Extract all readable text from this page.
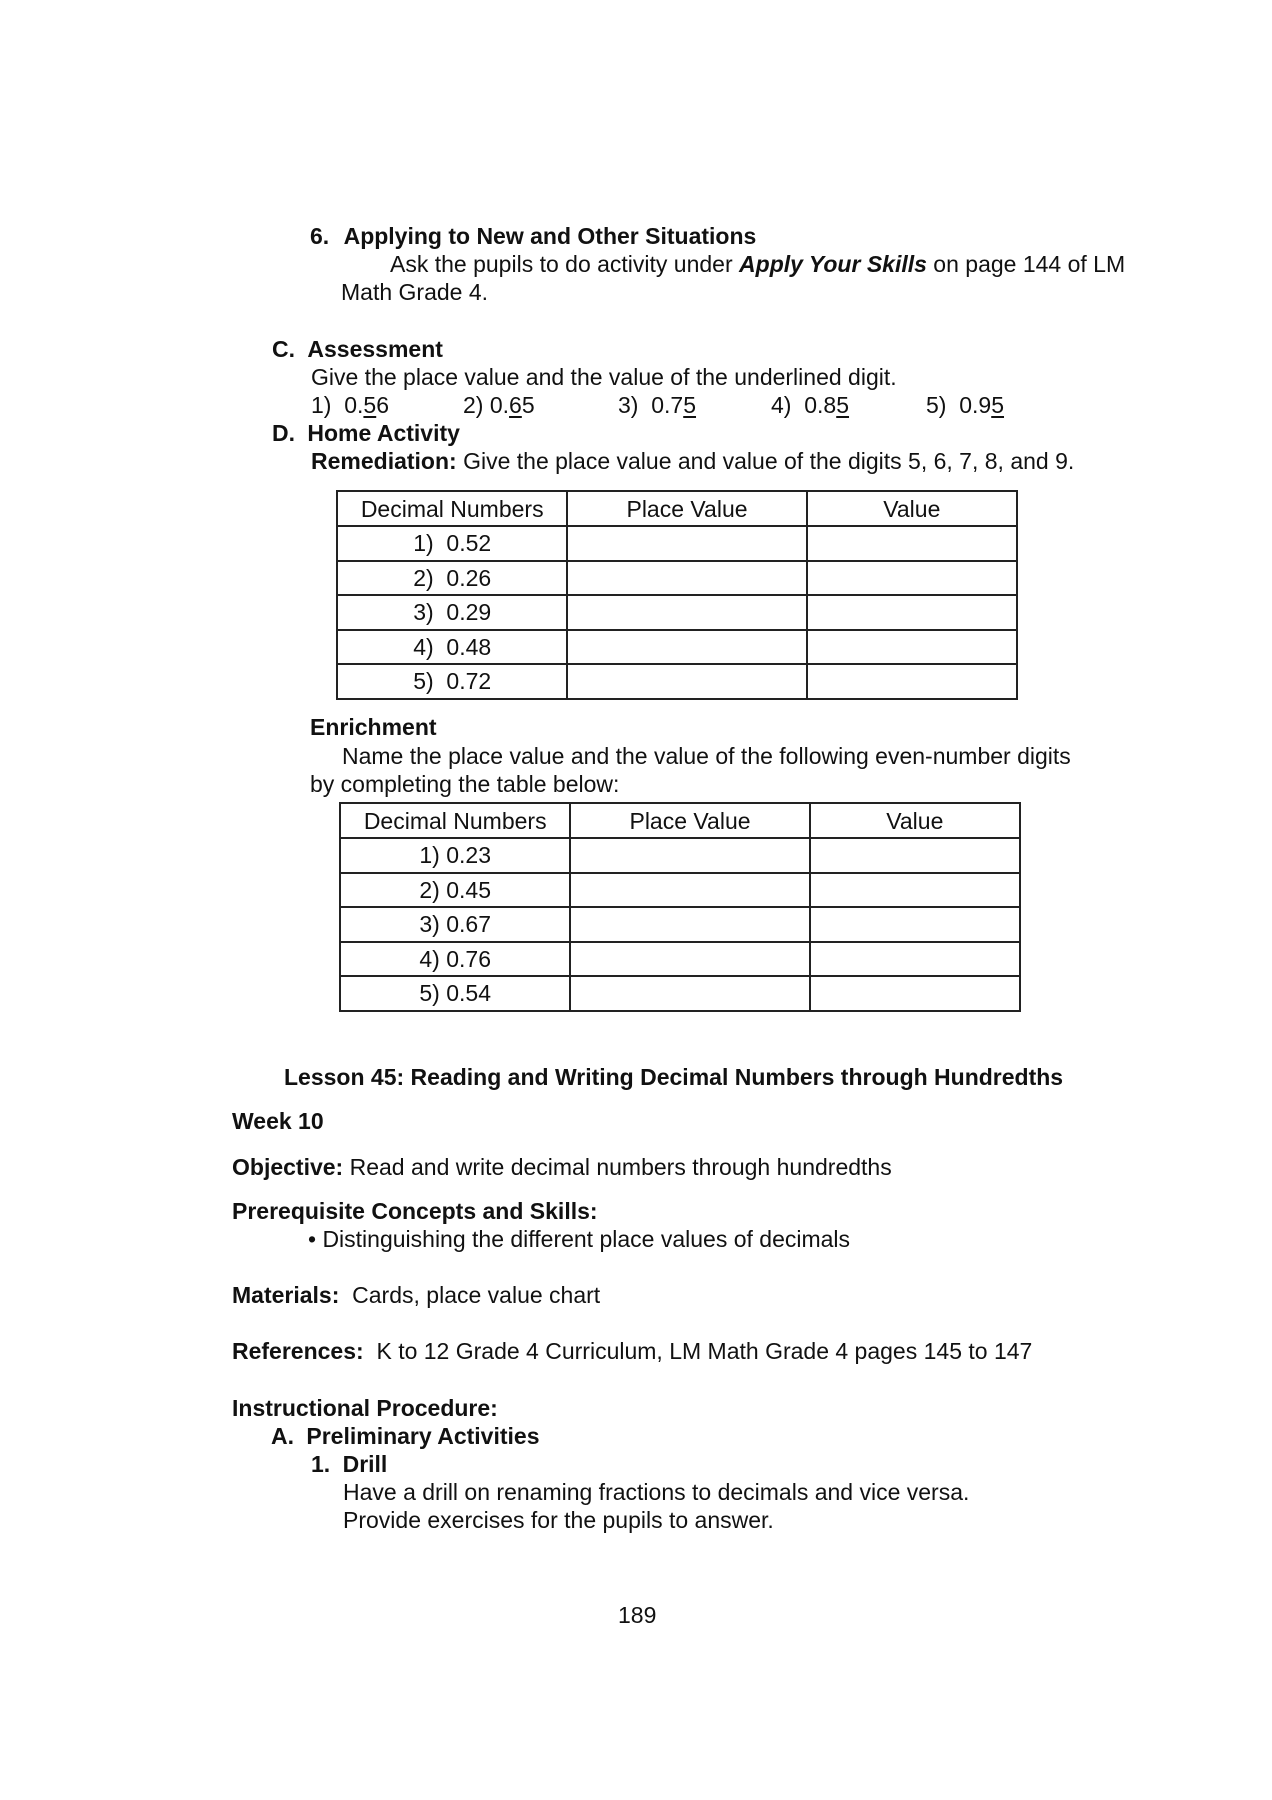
6. Applying to New and Other Situations
Ask the pupils to do activity under Apply Your Skills on page 144 of LM
Math Grade 4.
C. Assessment
Give the place value and the value of the underlined digit.
1) 0.56	2) 0.65	3) 0.75	4) 0.85	5) 0.95
D. Home Activity
Remediation: Give the place value and value of the digits 5, 6, 7, 8, and 9.
Decimal Numbers	Place Value	Value
1)  0.52		
2)  0.26		
3)  0.29		
4)  0.48		
5)  0.72		
Enrichment
Name the place value and the value of the following even-number digits
by completing the table below:
Decimal Numbers	Place Value	Value
1) 0.23		
2) 0.45		
3) 0.67		
4) 0.76		
5) 0.54		
Lesson 45: Reading and Writing Decimal Numbers through Hundredths
Week 10
Objective: Read and write decimal numbers through hundredths
Prerequisite Concepts and Skills:
• Distinguishing the different place values of decimals
Materials:  Cards, place value chart
References:  K to 12 Grade 4 Curriculum, LM Math Grade 4 pages 145 to 147
Instructional Procedure:
A. Preliminary Activities
1. Drill
Have a drill on renaming fractions to decimals and vice versa.
Provide exercises for the pupils to answer.
189
